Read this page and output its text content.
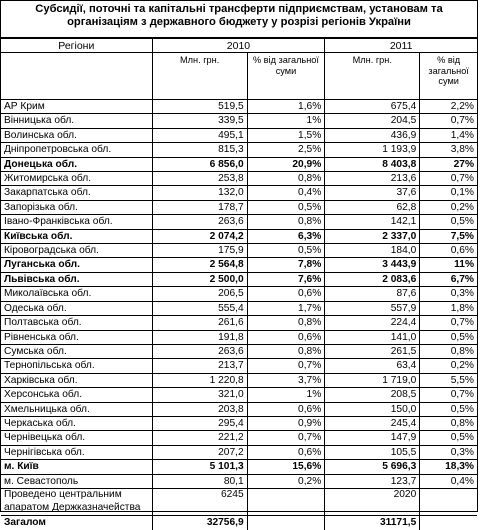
Субсидії, поточні та капітальні трансферти підприємствам, установам та організаціям з державного бюджету у розрізі регіонів України
Регіони	2010		2011	
	Млн. грн.	% від загальної суми	Млн. грн.	% від загальної суми
АР Крим	519,5	1,6%	675,4	2,2%
Вінницька обл.	339,5	1%	204,5	0,7%
Волинська обл.	495,1	1,5%	436,9	1,4%
Дніпропетровська обл.	815,3	2,5%	1 193,9	3,8%
Донецька обл.	6 856,0	20,9%	8 403,8	27%
Житомирська обл.	253,8	0,8%	213,6	0,7%
Закарпатська обл.	132,0	0,4%	37,6	0,1%
Запорізька обл.	178,7	0,5%	62,8	0,2%
Івано-Франківська обл.	263,6	0,8%	142,1	0,5%
Київська обл.	2 074,2	6,3%	2 337,0	7,5%
Кіровоградська обл.	175,9	0,5%	184,0	0,6%
Луганська обл.	2 564,8	7,8%	3 443,9	11%
Львівська обл.	2 500,0	7,6%	2 083,6	6,7%
Миколаївська обл.	206,5	0,6%	87,6	0,3%
Одеська обл.	555,4	1,7%	557,9	1,8%
Полтавська обл.	261,6	0,8%	224,4	0,7%
Рівненська обл.	191,8	0,6%	141,0	0,5%
Сумська обл.	263,6	0,8%	261,5	0,8%
Тернопільська обл.	213,7	0,7%	63,4	0,2%
Харківська обл.	1 220,8	3,7%	1 719,0	5,5%
Херсонська обл.	321,0	1%	208,5	0,7%
Хмельницька обл.	203,8	0,6%	150,0	0,5%
Черкаська обл.	295,4	0,9%	245,4	0,8%
Чернівецька обл.	221,2	0,7%	147,9	0,5%
Чернігівська обл.	207,2	0,6%	105,5	0,3%
м. Київ	5 101,3	15,6%	5 696,3	18,3%
м. Севастополь	80,1	0,2%	123,7	0,4%
Проведено центральним апаратом Держказначейства	6245		2020	
Загалом	32756,9		31171,5	
